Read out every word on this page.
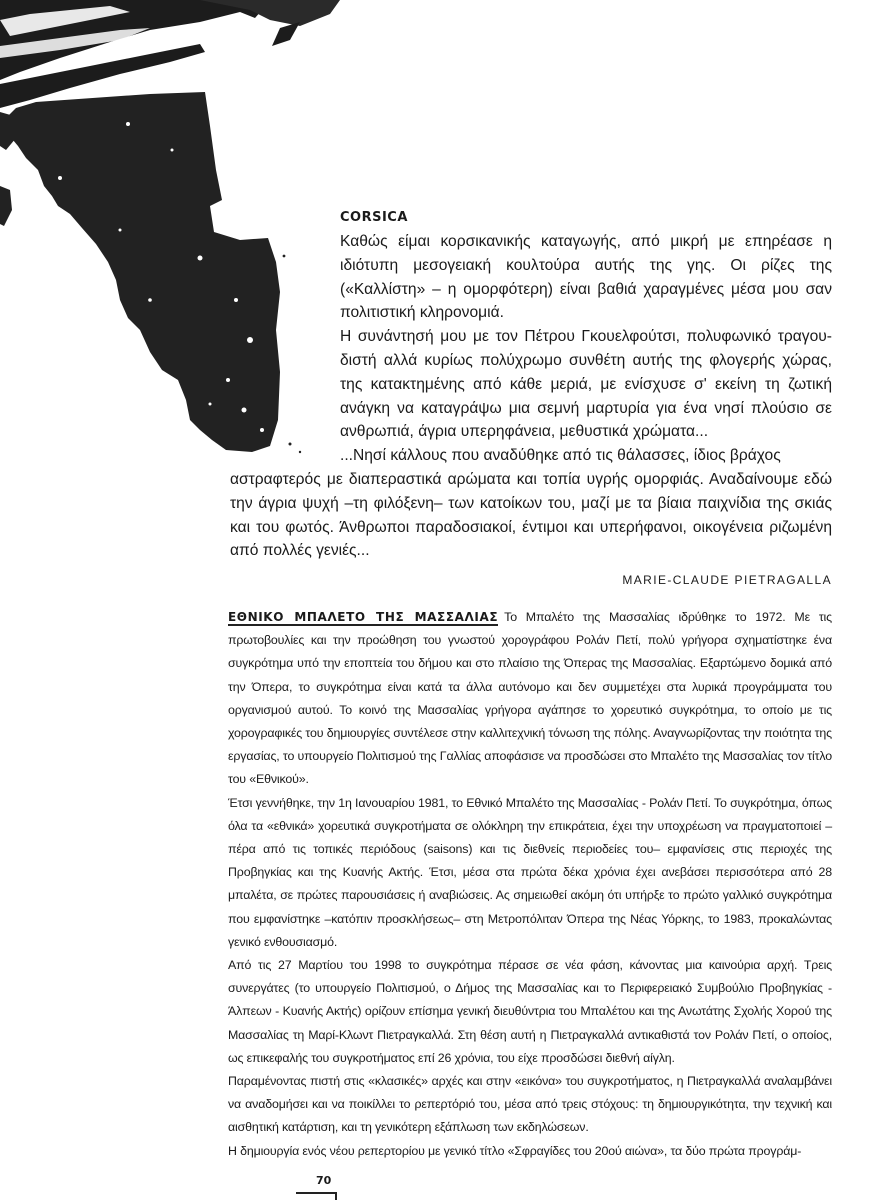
CORSICA

Καθώς είμαι κορσικανικής καταγωγής, από μικρή με επηρέασε η ιδιότυπη μεσογειακή κουλτούρα αυτής της γης. Οι ρίζες της («Καλλίστη» – η ομορφότερη) είναι βαθιά χαραγμένες μέσα μου σαν πολιτιστική κληρονομιά.

Η συνάντησή μου με τον Πέτρου Γκουελφούτσι, πολυφωνικό τραγου- διστή αλλά κυρίως πολύχρωμο συνθέτη αυτής της φλογερής χώρας, της κατακτημένης από κάθε μεριά, με ενίσχυσε σ' εκείνη τη ζωτική ανάγκη να καταγράψω μια σεμνή μαρτυρία για ένα νησί πλούσιο σε ανθρωπιά, άγρια υπερηφάνεια, μεθυστικά χρώματα...

...Νησί κάλλους που αναδύθηκε από τις θάλασσες, ίδιος βράχος

αστραφτερός με διαπεραστικά αρώματα και τοπία υγρής ομορφιάς. Αναδαίνουμε εδώ την άγρια ψυχή –τη φιλόξενη– των κατοίκων του, μαζί με τα βίαια παιχνίδια της σκιάς και του φωτός. Άνθρωποι παραδοσιακοί, έντιμοι και υπερήφανοι, οικογένεια ριζωμένη από πολλές γενιές...

MARIE-CLAUDE PIETRAGALLA

ΕΘΝΙΚΟ ΜΠΑΛΕΤΟ ΤΗΣ ΜΑΣΣΑΛΙΑΣ Το Μπαλέτο της Μασσαλίας ιδρύθηκε το 1972. Με τις πρωτοβουλίες και την προώθηση του γνωστού χορογράφου Ρολάν Πετί, πολύ γρήγορα σχηματίστηκε ένα συγκρότημα υπό την εποπτεία του δήμου και στο πλαίσιο της Όπερας της Μασσαλίας. Εξαρτώμενο δομικά από την Όπερα, το συγκρότημα είναι κατά τα άλλα αυτόνομο και δεν συμμετέχει στα λυρικά προγράμματα του οργανισμού αυτού. Το κοινό της Μασσαλίας γρήγορα αγάπησε το χορευτικό συγκρότημα, το οποίο με τις χορογραφικές του δημιουργίες συντέλεσε στην καλλιτεχνική τόνωση της πόλης. Αναγνωρίζοντας την ποιότητα της εργασίας, το υπουργείο Πολιτισμού της Γαλλίας αποφάσισε να προσδώσει στο Μπαλέτο της Μασσαλίας τον τίτλο του «Εθνικού».

Έτσι γεννήθηκε, την 1η Ιανουαρίου 1981, το Εθνικό Μπαλέτο της Μασσαλίας - Ρολάν Πετί. Το συγκρότημα, όπως όλα τα «εθνικά» χορευτικά συγκροτήματα σε ολόκληρη την επικράτεια, έχει την υποχρέωση να πραγματοποιεί –πέρα από τις τοπικές περιόδους (saisons) και τις διεθνείς περιοδείες του– εμφανίσεις στις περιοχές της Προβηγκίας και της Κυανής Ακτής. Έτσι, μέσα στα πρώτα δέκα χρόνια έχει ανεβάσει περισσότερα από 28 μπαλέτα, σε πρώτες παρουσιάσεις ή αναβιώσεις. Ας σημειωθεί ακόμη ότι υπήρξε το πρώτο γαλλικό συγκρότημα που εμφανίστηκε –κατόπιν προσκλήσεως– στη Μετροπόλιταν Όπερα της Νέας Υόρκης, το 1983, προκαλώντας γενικό ενθουσιασμό.

Από τις 27 Μαρτίου του 1998 το συγκρότημα πέρασε σε νέα φάση, κάνοντας μια καινούρια αρχή. Τρεις συνεργάτες (το υπουργείο Πολιτισμού, ο Δήμος της Μασσαλίας και το Περιφερειακό Συμβούλιο Προβηγκίας - Άλπεων - Κυανής Ακτής) ορίζουν επίσημα γενική διευθύντρια του Μπαλέτου και της Ανωτάτης Σχολής Χορού της Μασσαλίας τη Μαρί-Κλωντ Πιετραγκαλλά. Στη θέση αυτή η Πιετραγκαλλά αντικαθιστά τον Ρολάν Πετί, ο οποίος, ως επικεφαλής του συγκροτήματος επί 26 χρόνια, του είχε προσδώσει διεθνή αίγλη.

Παραμένοντας πιστή στις «κλασικές» αρχές και στην «εικόνα» του συγκροτήματος, η Πιετραγκαλλά αναλαμβάνει να αναδομήσει και να ποικίλλει το ρεπερτόριό του, μέσα από τρεις στόχους: τη δημιουργικότητα, την τεχνική και αισθητική κατάρτιση, και τη γενικότερη εξάπλωση των εκδηλώσεων.

Η δημιουργία ενός νέου ρεπερτορίου με γενικό τίτλο «Σφραγίδες του 20ού αιώνα», τα δύο πρώτα προγράμ-

70
